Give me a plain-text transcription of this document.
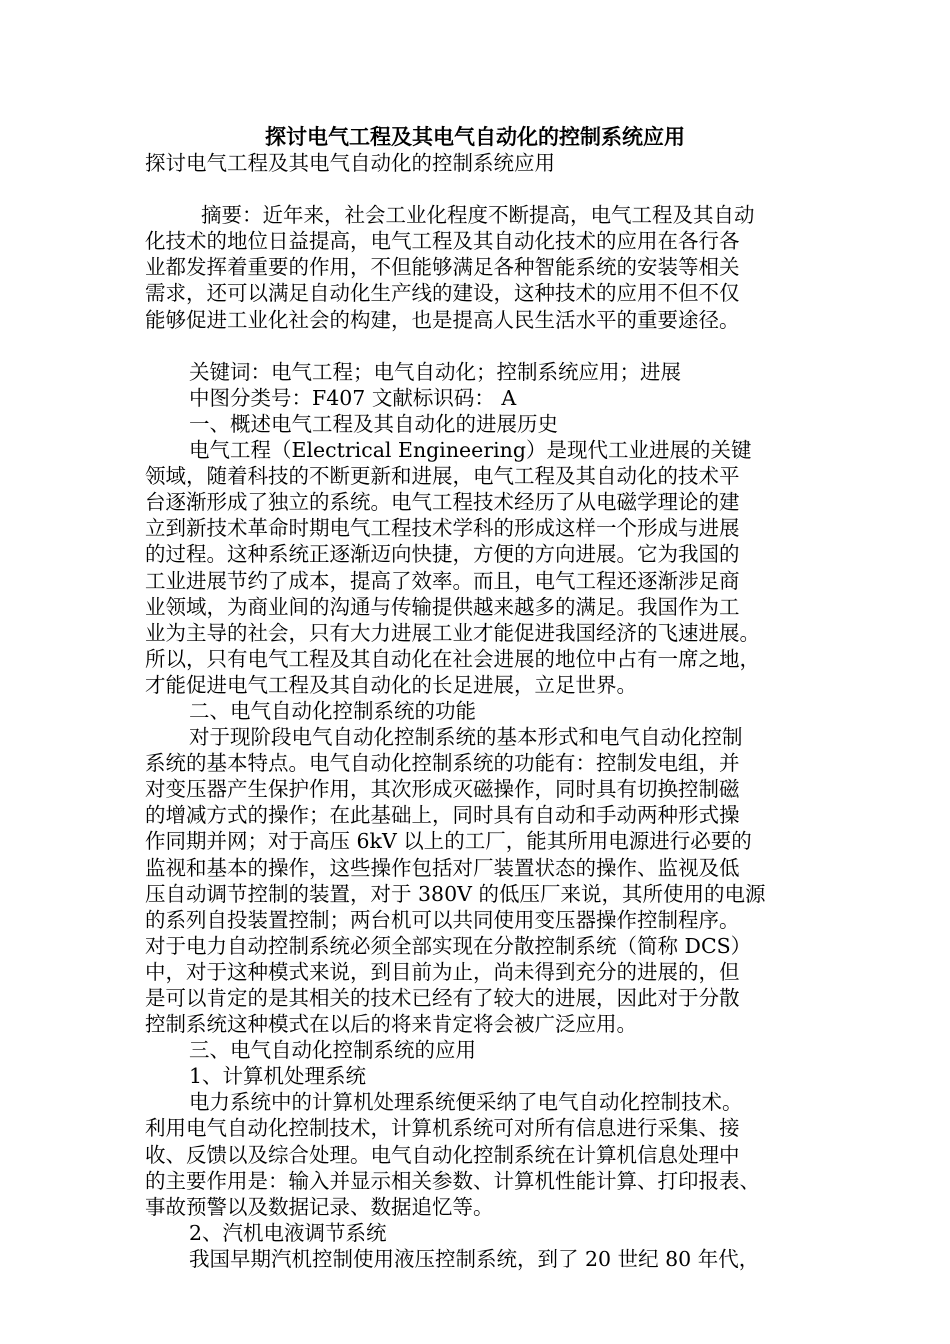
探讨电气工程及其电气自动化的控制系统应用
探讨电气工程及其电气自动化的控制系统应用
摘要：近年来，社会工业化程度不断提高，电气工程及其自动
化技术的地位日益提高，电气工程及其自动化技术的应用在各行各
业都发挥着重要的作用，不但能够满足各种智能系统的安装等相关
需求，还可以满足自动化生产线的建设，这种技术的应用不但不仅
能够促进工业化社会的构建，也是提高人民生活水平的重要途径。
关键词：电气工程；电气自动化；控制系统应用；进展
中图分类号：F407 文献标识码： A
一、概述电气工程及其自动化的进展历史
电气工程（Electrical Engineering）是现代工业进展的关键
领域，随着科技的不断更新和进展，电气工程及其自动化的技术平
台逐渐形成了独立的系统。电气工程技术经历了从电磁学理论的建
立到新技术革命时期电气工程技术学科的形成这样一个形成与进展
的过程。这种系统正逐渐迈向快捷，方便的方向进展。它为我国的
工业进展节约了成本，提高了效率。而且，电气工程还逐渐涉足商
业领域，为商业间的沟通与传输提供越来越多的满足。我国作为工
业为主导的社会，只有大力进展工业才能促进我国经济的飞速进展。
所以，只有电气工程及其自动化在社会进展的地位中占有一席之地，
才能促进电气工程及其自动化的长足进展，立足世界。
二、电气自动化控制系统的功能
对于现阶段电气自动化控制系统的基本形式和电气自动化控制
系统的基本特点。电气自动化控制系统的功能有：控制发电组，并
对变压器产生保护作用，其次形成灭磁操作，同时具有切换控制磁
的增减方式的操作；在此基础上，同时具有自动和手动两种形式操
作同期并网；对于高压 6kV 以上的工厂，能其所用电源进行必要的
监视和基本的操作，这些操作包括对厂装置状态的操作、监视及低
压自动调节控制的装置，对于 380V 的低压厂来说，其所使用的电源
的系列自投装置控制；两台机可以共同使用变压器操作控制程序。
对于电力自动控制系统必须全部实现在分散控制系统（简称 DCS）
中，对于这种模式来说，到目前为止，尚未得到充分的进展的，但
是可以肯定的是其相关的技术已经有了较大的进展，因此对于分散
控制系统这种模式在以后的将来肯定将会被广泛应用。
三、电气自动化控制系统的应用
1、计算机处理系统
电力系统中的计算机处理系统便采纳了电气自动化控制技术。
利用电气自动化控制技术，计算机系统可对所有信息进行采集、接
收、反馈以及综合处理。电气自动化控制系统在计算机信息处理中
的主要作用是：输入并显示相关参数、计算机性能计算、打印报表、
事故预警以及数据记录、数据追忆等。
2、汽机电液调节系统
我国早期汽机控制使用液压控制系统，到了 20 世纪 80 年代，
